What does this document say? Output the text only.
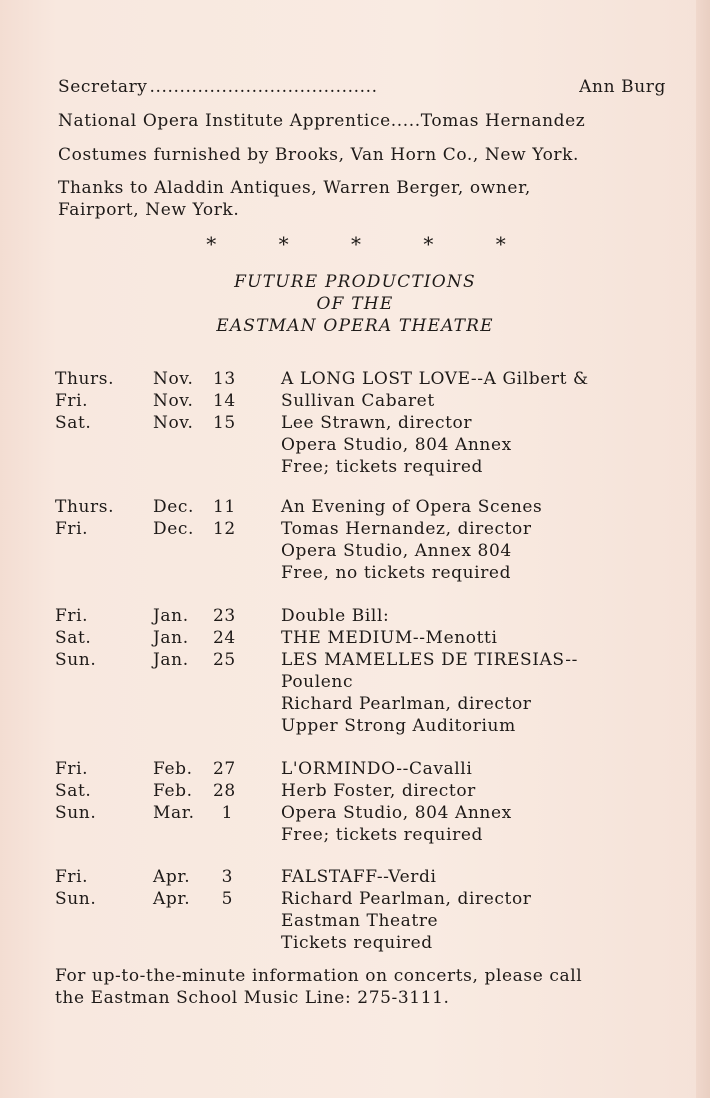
Secretary ......................................	Ann Burg
National Opera Institute Apprentice.....Tomas Hernandez
Costumes furnished by Brooks, Van Horn Co., New York.
Thanks to Aladdin Antiques, Warren Berger, owner,
Fairport, New York.
* * * * *
FUTURE PRODUCTIONS
OF THE
EASTMAN OPERA THEATRE
Thurs. Nov. 13	A LONG LOST LOVE--A Gilbert &
Fri.	Nov. 14	Sullivan Cabaret
Sat.	Nov. 15	Lee Strawn, director
Opera Studio, 804 Annex
Free; tickets required
Thurs. Dec. 11	An Evening of Opera Scenes
Fri.	Dec. 12	Tomas Hernandez, director
Opera Studio, Annex 804
Free, no tickets required
Fri.	Jan. 23	Double Bill:
Sat.	Jan. 24	THE MEDIUM--Menotti
Sun.	Jan. 25	LES MAMELLES DE TIRESIAS--
Poulenc
Richard Pearlman, director
Upper Strong Auditorium
Fri.	Feb. 27	L'ORMINDO--Cavalli
Sat.	Feb. 28	Herb Foster, director
Sun.	Mar.	1	Opera Studio, 804 Annex
Free; tickets required
Fri.	Apr.	3	FALSTAFF--Verdi
Sun.	Apr.	5	Richard Pearlman, director
Eastman Theatre
Tickets required
For up-to-the-minute information on concerts, please call
the Eastman School Music Line: 275-3111.
